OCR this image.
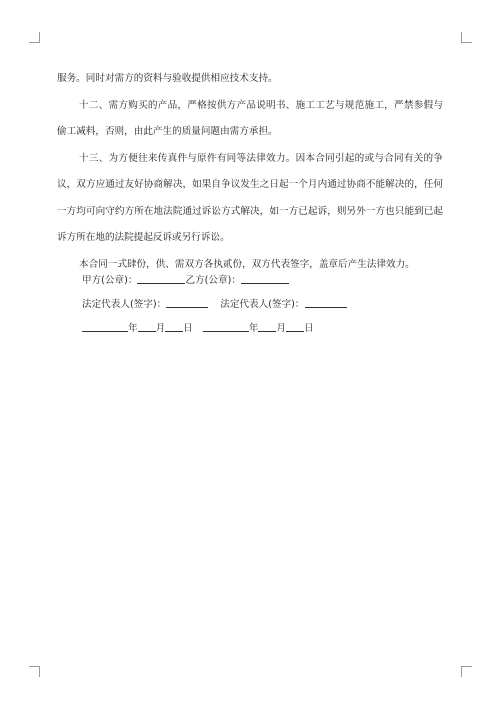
服务。同时对需方的资料与验收提供相应技术支持。

十二、需方购买的产品，严格按供方产品说明书、施工工艺与规范施工，严禁参假与偷工减料，否则，由此产生的质量问题由需方承担。

十三、为方便往来传真件与原件有同等法律效力。因本合同引起的或与合同有关的争议，双方应通过友好协商解决，如果自争议发生之日起一个月内通过协商不能解决的，任何一方均可向守约方所在地法院通过诉讼方式解决，如一方已起诉，则另外一方也只能到已起诉方所在地的法院提起反诉或另行诉讼。

本合同一式肆份，供、需双方各执贰份，双方代表签字，盖章后产生法律效力。

甲方(公章)：	乙方(公章)：
法定代表人(签字)：	法定代表人(签字)：
年 月 日	年 月 日
